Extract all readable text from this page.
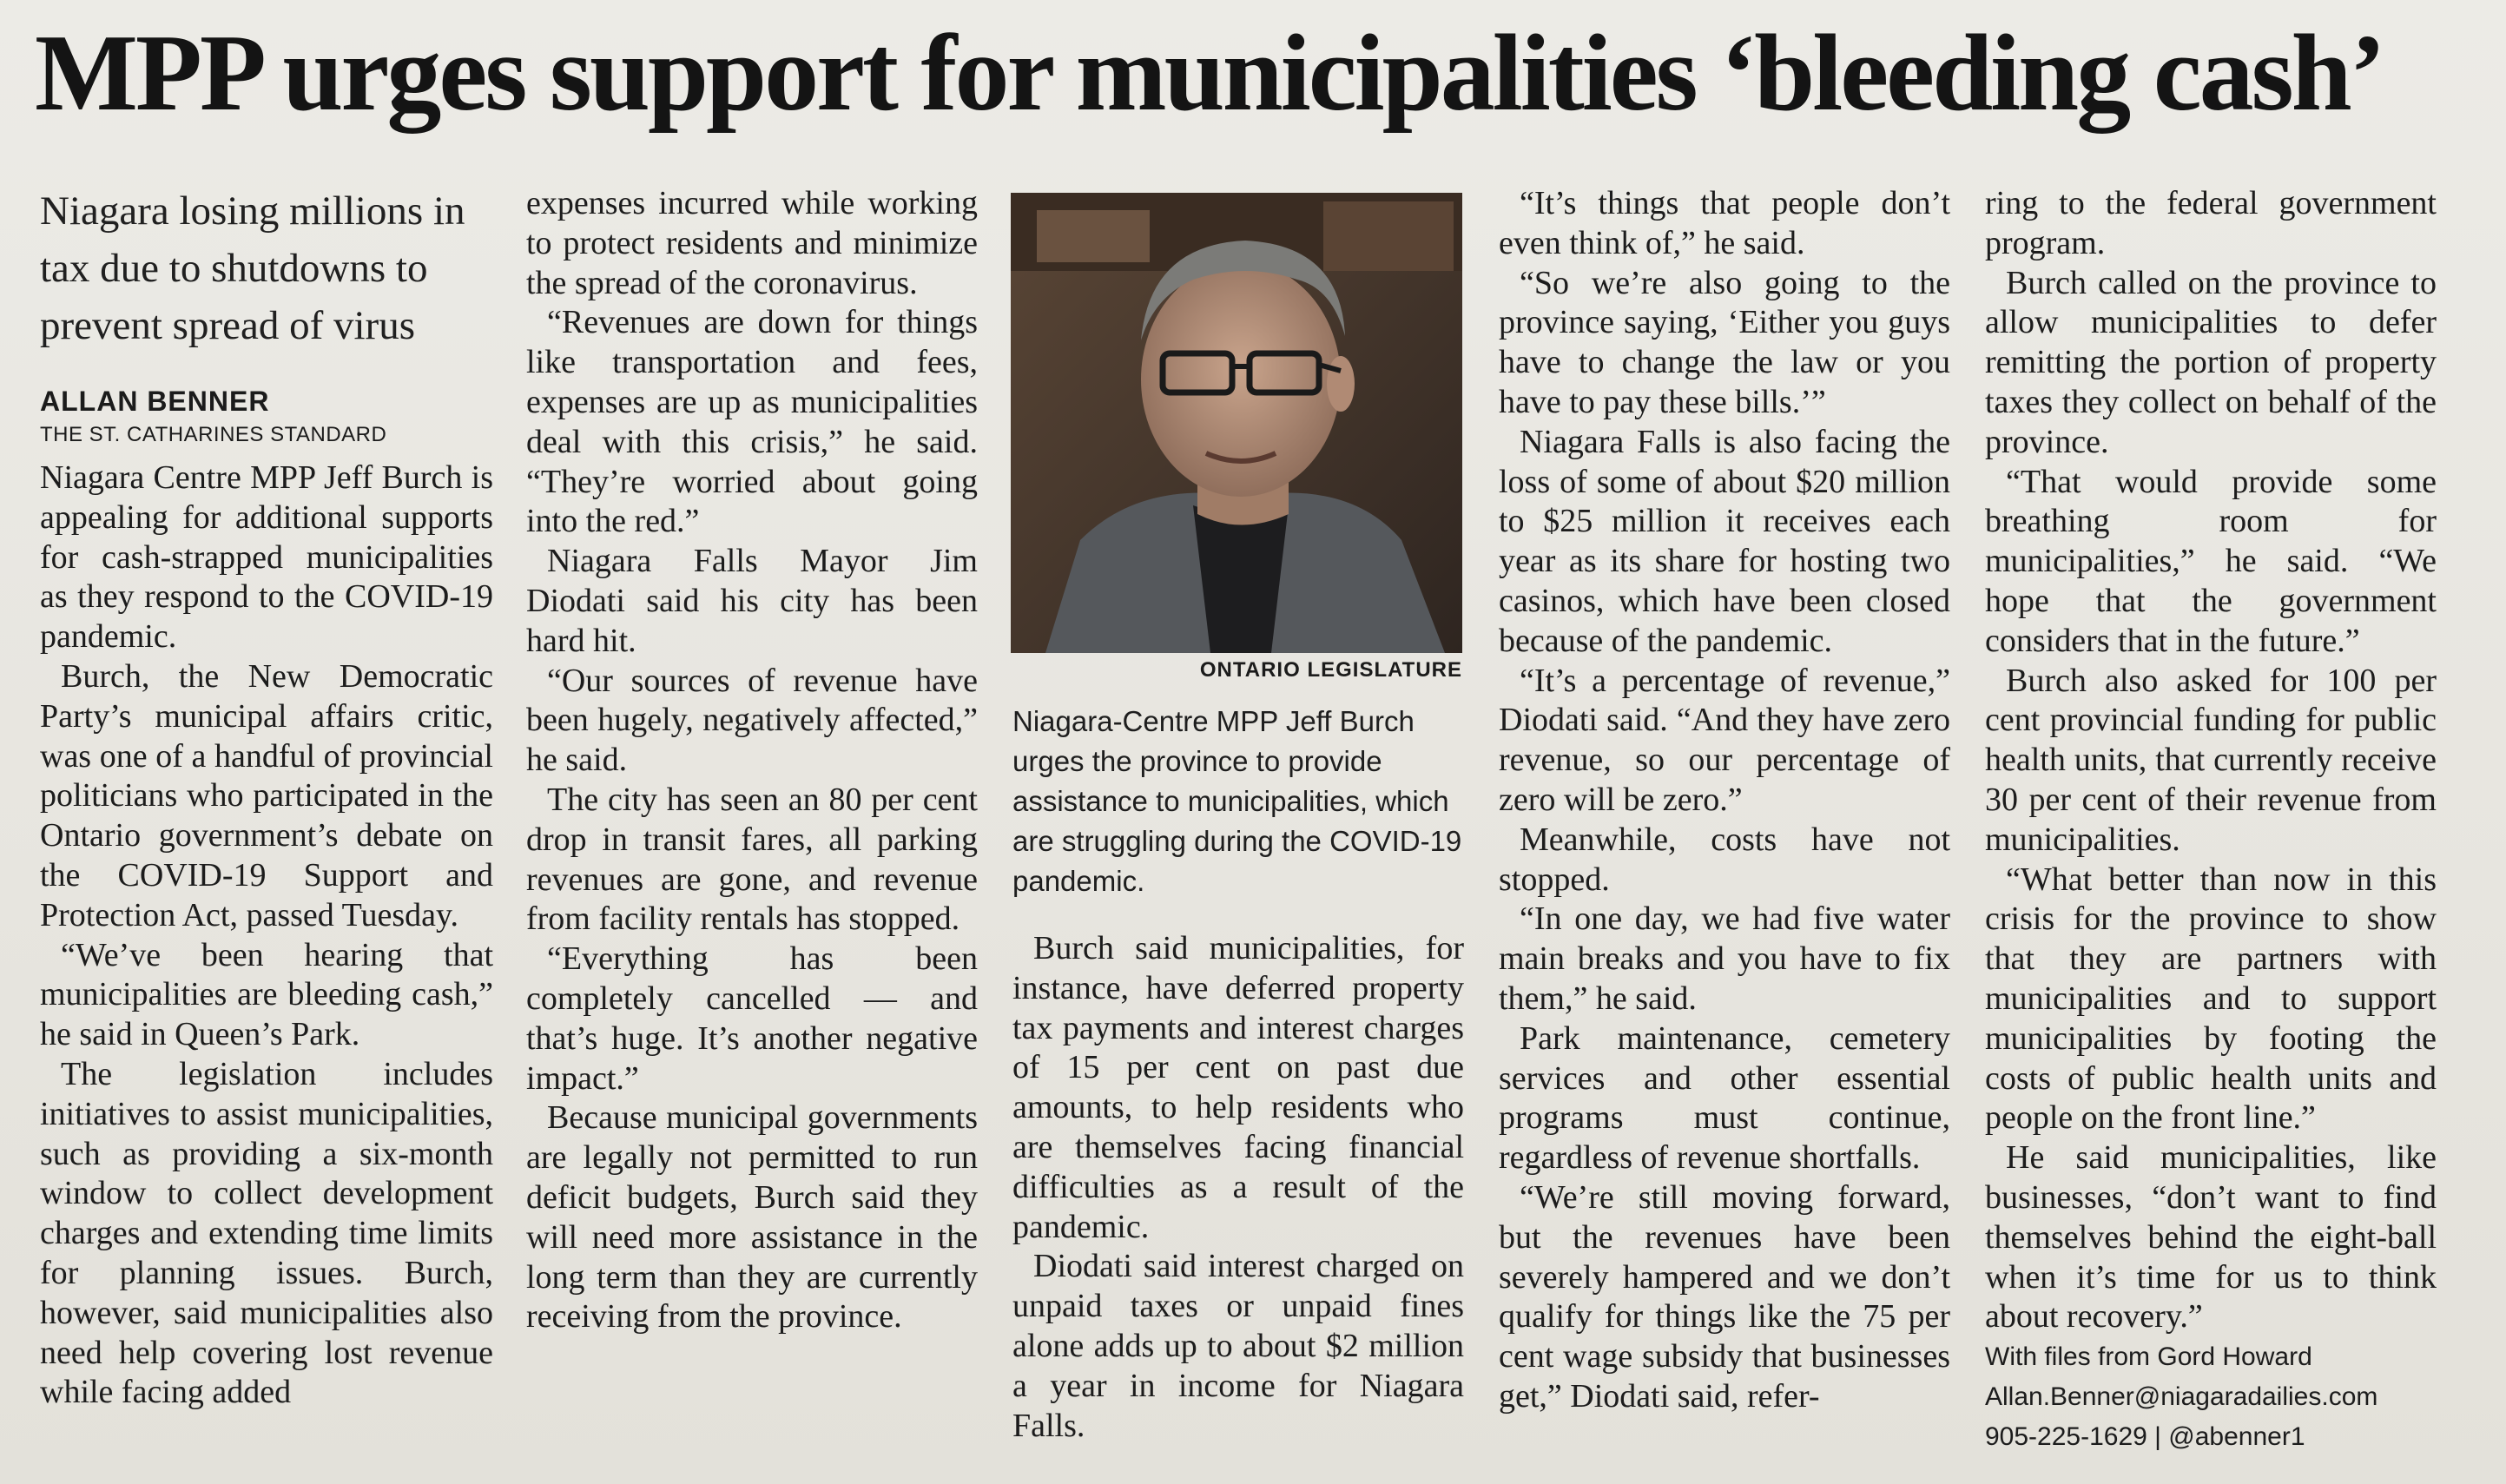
MPP urges support for municipalities ‘bleeding cash’
Niagara losing millions in tax due to shutdowns to prevent spread of virus
ALLAN BENNER
THE ST. CATHARINES STANDARD

Niagara Centre MPP Jeff Burch is appealing for additional supports for cash-strapped municipalities as they respond to the COVID-19 pandemic.

Burch, the New Democratic Party’s municipal affairs critic, was one of a handful of provincial politicians who participated in the Ontario government’s debate on the COVID-19 Support and Protection Act, passed Tuesday.

“We’ve been hearing that municipalities are bleeding cash,” he said in Queen’s Park.

The legislation includes initiatives to assist municipalities, such as providing a six-month window to collect development charges and extending time limits for planning issues. Burch, however, said municipalities also need help covering lost revenue while facing added

expenses incurred while working to protect residents and minimize the spread of the coronavirus.

“Revenues are down for things like transportation and fees, expenses are up as municipalities deal with this crisis,” he said. “They’re worried about going into the red.”

Niagara Falls Mayor Jim Diodati said his city has been hard hit.

“Our sources of revenue have been hugely, negatively affected,” he said.

The city has seen an 80 per cent drop in transit fares, all parking revenues are gone, and revenue from facility rentals has stopped.

“Everything has been completely cancelled — and that’s huge. It’s another negative impact.”

Because municipal governments are legally not permitted to run deficit budgets, Burch said they will need more assistance in the long term than they are currently receiving from the province.

ONTARIO LEGISLATURE
Niagara-Centre MPP Jeff Burch urges the province to provide assistance to municipalities, which are struggling during the COVID-19 pandemic.

Burch said municipalities, for instance, have deferred property tax payments and interest charges of 15 per cent on past due amounts, to help residents who are themselves facing financial difficulties as a result of the pandemic.

Diodati said interest charged on unpaid taxes or unpaid fines alone adds up to about $2 million a year in income for Niagara Falls.

“It’s things that people don’t even think of,” he said.

“So we’re also going to the province saying, ‘Either you guys have to change the law or you have to pay these bills.’”

Niagara Falls is also facing the loss of some of about $20 million to $25 million it receives each year as its share for hosting two casinos, which have been closed because of the pandemic.

“It’s a percentage of revenue,” Diodati said. “And they have zero revenue, so our percentage of zero will be zero.”

Meanwhile, costs have not stopped.

“In one day, we had five water main breaks and you have to fix them,” he said.

Park maintenance, cemetery services and other essential programs must continue, regardless of revenue shortfalls.

“We’re still moving forward, but the revenues have been severely hampered and we don’t qualify for things like the 75 per cent wage subsidy that businesses get,” Diodati said, refer-

ring to the federal government program.

Burch called on the province to allow municipalities to defer remitting the portion of property taxes they collect on behalf of the province.

“That would provide some breathing room for municipalities,” he said. “We hope that the government considers that in the future.”

Burch also asked for 100 per cent provincial funding for public health units, that currently receive 30 per cent of their revenue from municipalities.

“What better than now in this crisis for the province to show that they are partners with municipalities and to support municipalities by footing the costs of public health units and people on the front line.”

He said municipalities, like businesses, “don’t want to find themselves behind the eight-ball when it’s time for us to think about recovery.”

With files from Gord Howard
Allan.Benner@niagaradailies.com
905-225-1629 | @abenner1
